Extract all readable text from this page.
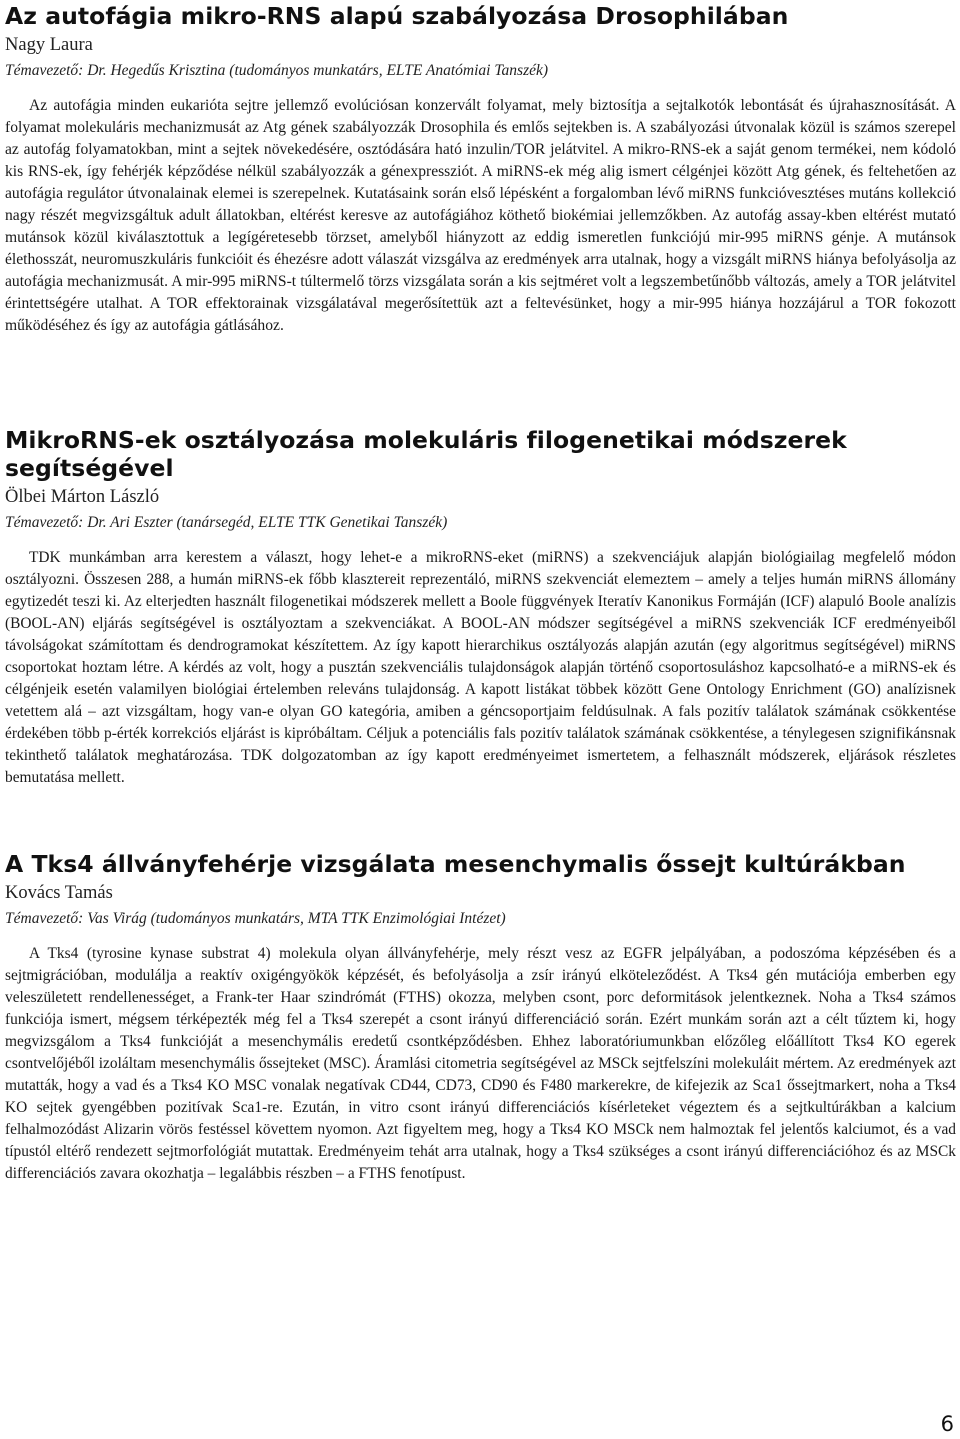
Az autofágia mikro-RNS alapú szabályozása Drosophilában

Nagy Laura

Témavezető: Dr. Hegedűs Krisztina (tudományos munkatárs, ELTE Anatómiai Tanszék)

Az autofágia minden eukarióta sejtre jellemző evolúciósan konzervált folyamat, mely biztosítja a sejtalkotók lebontását és újrahasznosítását. A folyamat molekuláris mechanizmusát az Atg gének szabályozzák Drosophila és emlős sejtekben is. A szabályozási útvonalak közül is számos szerepel az autofág folyamatokban, mint a sejtek növekedésére, osztódására ható inzulin/TOR jelátvitel. A mikro-RNS-ek a saját genom termékei, nem kódoló kis RNS-ek, így fehérjék képződése nélkül szabályozzák a génexpressziót. A miRNS-ek még alig ismert célgénjei között Atg gének, és feltehetően az autofágia regulátor útvonalainak elemei is szerepelnek. Kutatásaink során első lépésként a forgalomban lévő miRNS funkcióvesztéses mutáns kollekció nagy részét megvizsgáltuk adult állatokban, eltérést keresve az autofágiához köthető biokémiai jellemzőkben. Az autofág assay-kben eltérést mutató mutánsok közül kiválasztottuk a legígéretesebb törzset, amelyből hiányzott az eddig ismeretlen funkciójú mir-995 miRNS génje. A mutánsok élethosszát, neuromuszkuláris funkcióit és éhezésre adott válaszát vizsgálva az eredmények arra utalnak, hogy a vizsgált miRNS hiánya befolyásolja az autofágia mechanizmusát. A mir-995 miRNS-t túltermelő törzs vizsgálata során a kis sejtméret volt a legszembetűnőbb változás, amely a TOR jelátvitel érintettségére utalhat. A TOR effektorainak vizsgálatával megerősítettük azt a feltevésünket, hogy a mir-995 hiánya hozzájárul a TOR fokozott működéséhez és így az autofágia gátlásához.

MikroRNS-ek osztályozása molekuláris filogenetikai módszerek segítségével

Ölbei Márton László

Témavezető: Dr. Ari Eszter (tanársegéd, ELTE TTK Genetikai Tanszék)

TDK munkámban arra kerestem a választ, hogy lehet-e a mikroRNS-eket (miRNS) a szekvenciájuk alapján biológiailag megfelelő módon osztályozni. Összesen 288, a humán miRNS-ek főbb klasztereit reprezentáló, miRNS szekvenciát elemeztem – amely a teljes humán miRNS állomány egytizedét teszi ki. Az elterjedten használt filogenetikai módszerek mellett a Boole függvények Iteratív Kanonikus Formáján (ICF) alapuló Boole analízis (BOOL-AN) eljárás segítségével is osztályoztam a szekvenciákat. A BOOL-AN módszer segítségével a miRNS szekvenciák ICF eredményeiből távolságokat számítottam és dendrogramokat készítettem. Az így kapott hierarchikus osztályozás alapján azután (egy algoritmus segítségével) miRNS csoportokat hoztam létre. A kérdés az volt, hogy a pusztán szekvenciális tulajdonságok alapján történő csoportosuláshoz kapcsolható-e a miRNS-ek és célgénjeik esetén valamilyen biológiai értelemben releváns tulajdonság. A kapott listákat többek között Gene Ontology Enrichment (GO) analízisnek vetettem alá – azt vizsgáltam, hogy van-e olyan GO kategória, amiben a géncsoportjaim feldúsulnak. A fals pozitív találatok számának csökkentése érdekében több p-érték korrekciós eljárást is kipróbáltam. Céljuk a potenciális fals pozitív találatok számának csökkentése, a ténylegesen szignifikánsnak tekinthető találatok meghatározása. TDK dolgozatomban az így kapott eredményeimet ismertetem, a felhasznált módszerek, eljárások részletes bemutatása mellett.

A Tks4 állványfehérje vizsgálata mesenchymalis őssejt kultúrákban

Kovács Tamás

Témavezető: Vas Virág (tudományos munkatárs, MTA TTK Enzimológiai Intézet)

A Tks4 (tyrosine kynase substrat 4) molekula olyan állványfehérje, mely részt vesz az EGFR jelpályában, a podoszóma képzésében és a sejtmigrációban, modulálja a reaktív oxigéngyökök képzését, és befolyásolja a zsír irányú elköteleződést. A Tks4 gén mutációja emberben egy veleszületett rendellenességet, a Frank-ter Haar szindrómát (FTHS) okozza, melyben csont, porc deformitások jelentkeznek. Noha a Tks4 számos funkciója ismert, mégsem térképezték még fel a Tks4 szerepét a csont irányú differenciáció során. Ezért munkám során azt a célt tűztem ki, hogy megvizsgálom a Tks4 funkcióját a mesenchymális eredetű csontképződésben. Ehhez laboratóriumunkban előzőleg előállított Tks4 KO egerek csontvelőjéből izoláltam mesenchymális őssejteket (MSC). Áramlási citometria segítségével az MSCk sejtfelszíni molekuláit mértem. Az eredmények azt mutatták, hogy a vad és a Tks4 KO MSC vonalak negatívak CD44, CD73, CD90 és F480 markerekre, de kifejezik az Sca1 őssejtmarkert, noha a Tks4 KO sejtek gyengébben pozitívak Sca1-re. Ezután, in vitro csont irányú differenciációs kísérleteket végeztem és a sejtkultúrákban a kalcium felhalmozódást Alizarin vörös festéssel követtem nyomon. Azt figyeltem meg, hogy a Tks4 KO MSCk nem halmoztak fel jelentős kalciumot, és a vad típustól eltérő rendezett sejtmorfológiát mutattak. Eredményeim tehát arra utalnak, hogy a Tks4 szükséges a csont irányú differenciációhoz és az MSCk differenciációs zavara okozhatja – legalábbis részben – a FTHS fenotípust.

6
